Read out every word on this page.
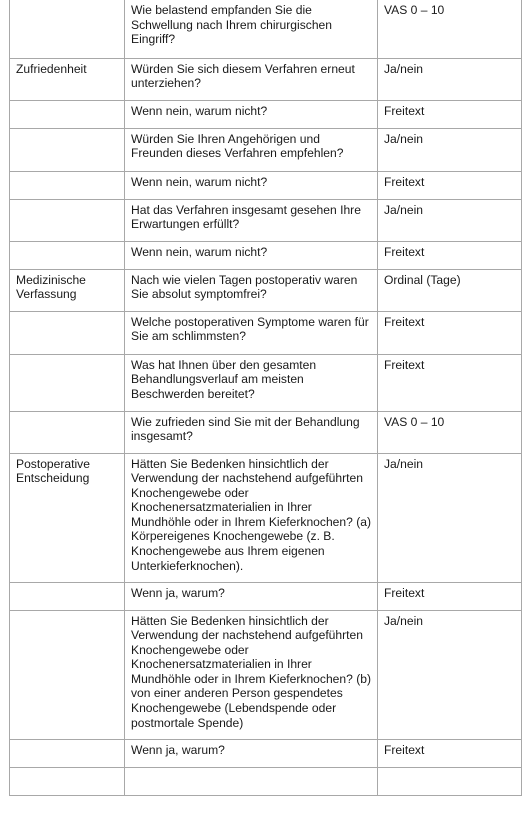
	Wie belastend empfanden Sie die Schwellung nach Ihrem chirurgischen Eingriff?	VAS 0 – 10
Zufriedenheit	Würden Sie sich diesem Verfahren erneut unterziehen?	Ja/nein
	Wenn nein, warum nicht?	Freitext
	Würden Sie Ihren Angehörigen und Freunden dieses Verfahren empfehlen?	Ja/nein
	Wenn nein, warum nicht?	Freitext
	Hat das Verfahren insgesamt gesehen Ihre Erwartungen erfüllt?	Ja/nein
	Wenn nein, warum nicht?	Freitext
Medizinische Verfassung	Nach wie vielen Tagen postoperativ waren Sie absolut symptomfrei?	Ordinal (Tage)
	Welche postoperativen Symptome waren für Sie am schlimmsten?	Freitext
	Was hat Ihnen über den gesamten Behandlungsverlauf am meisten Beschwerden bereitet?	Freitext
	Wie zufrieden sind Sie mit der Behandlung insgesamt?	VAS 0 – 10
Postoperative Entscheidung	Hätten Sie Bedenken hinsichtlich der Verwendung der nachstehend aufgeführten Knochengewebe oder Knochenersatzmaterialien in Ihrer Mundhöhle oder in Ihrem Kieferknochen? (a) Körpereigenes Knochengewebe (z. B. Knochengewebe aus Ihrem eigenen Unterkieferknochen).	Ja/nein
	Wenn ja, warum?	Freitext
	Hätten Sie Bedenken hinsichtlich der Verwendung der nachstehend aufgeführten Knochengewebe oder Knochenersatzmaterialien in Ihrer Mundhöhle oder in Ihrem Kieferknochen? (b) von einer anderen Person gespendetes Knochengewebe (Lebendspende oder postmortale Spende)	Ja/nein
	Wenn ja, warum?	Freitext
